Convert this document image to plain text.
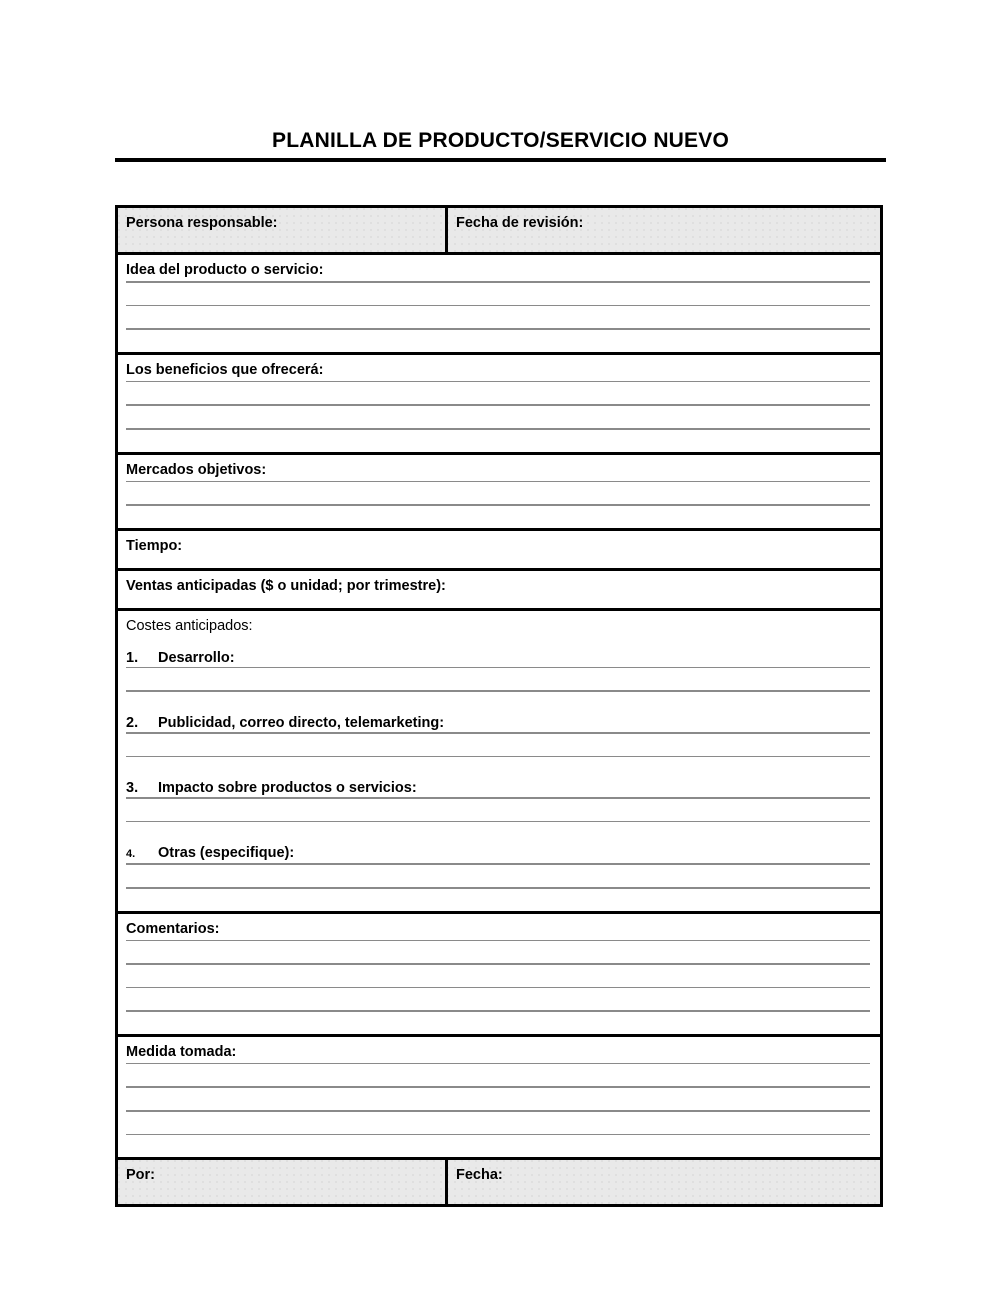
PLANILLA DE PRODUCTO/SERVICIO NUEVO
Persona responsable:	Fecha de revisión:
Idea del producto o servicio:
Los beneficios que ofrecerá:
Mercados objetivos:
Tiempo:
Ventas anticipadas ($ o unidad; por trimestre):
Costes anticipados:
1.	Desarrollo:
2.	Publicidad, correo directo, telemarketing:
3.	Impacto sobre productos o servicios:
4.	Otras (especifique):
Comentarios:
Medida tomada:
Por:	Fecha:
